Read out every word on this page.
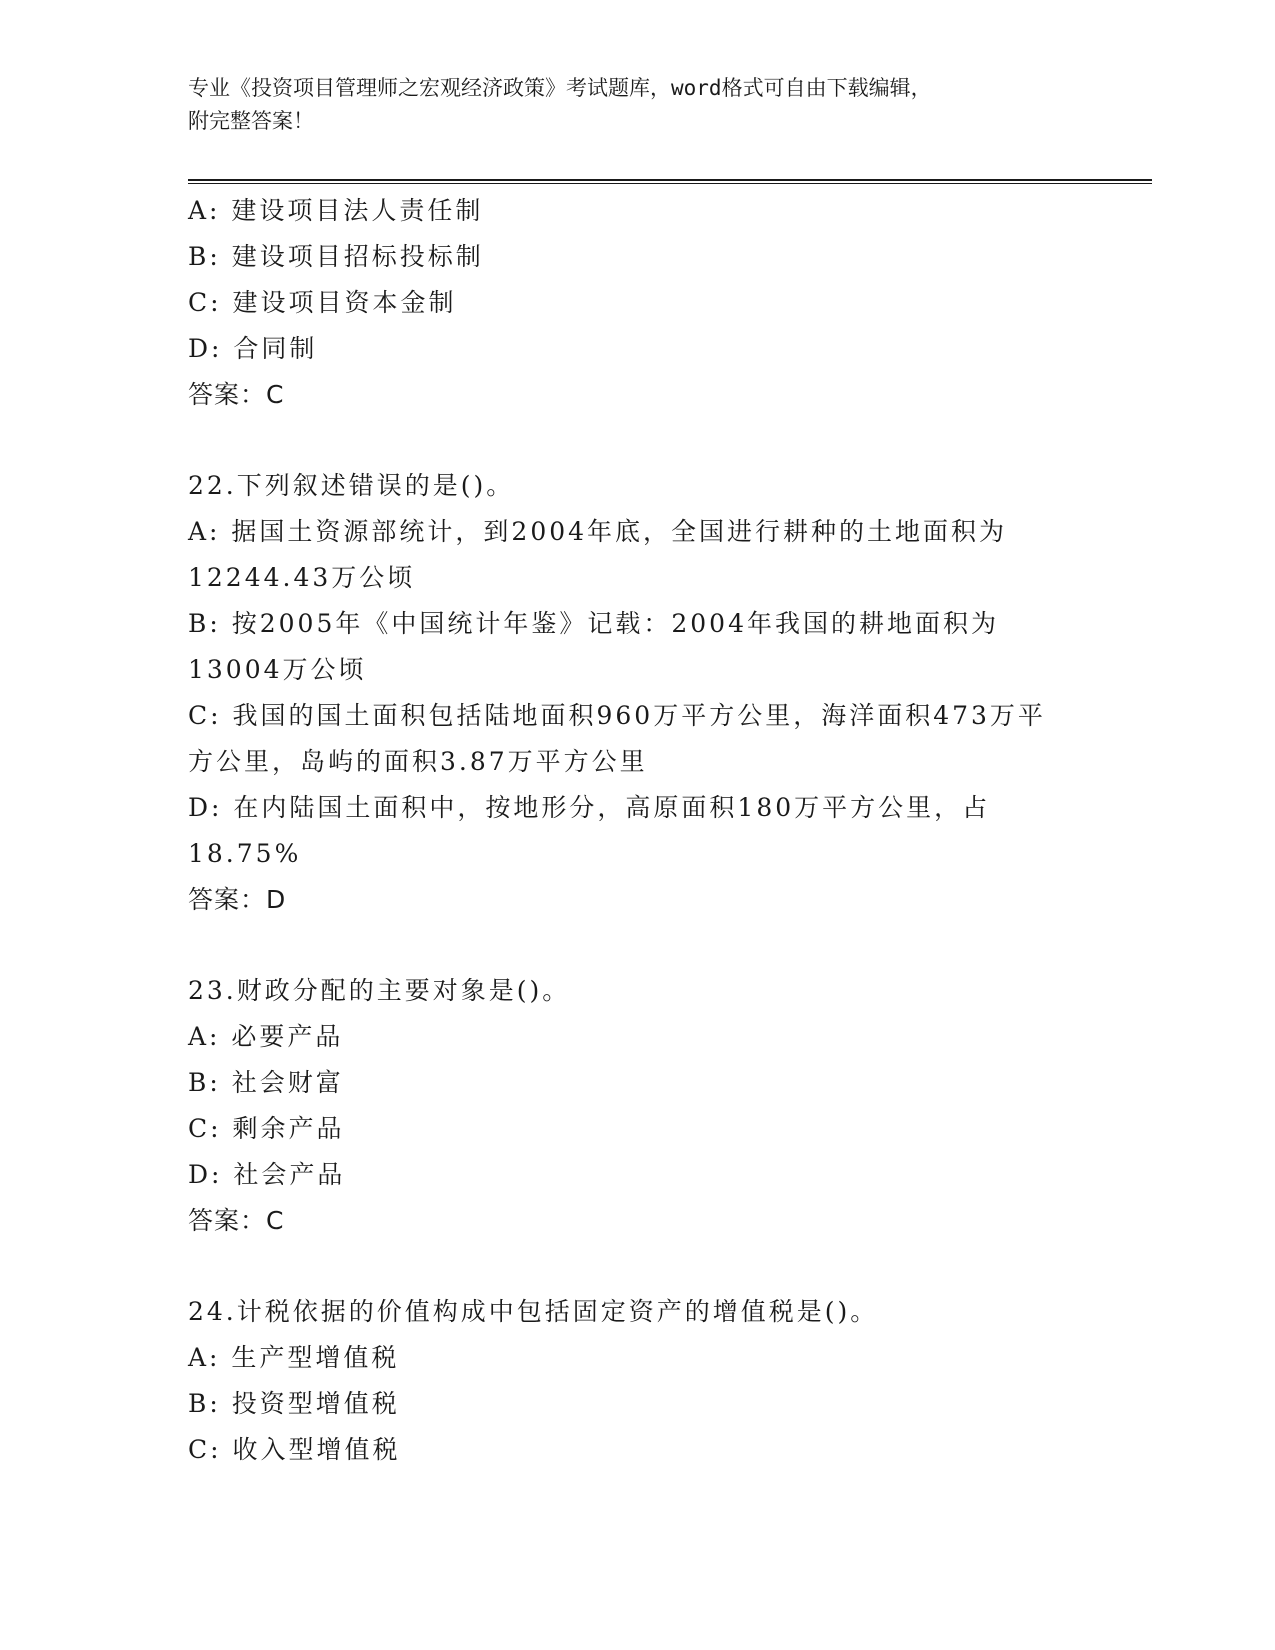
专业《投资项目管理师之宏观经济政策》考试题库，word格式可自由下载编辑，
附完整答案！
A: 建设项目法人责任制
B: 建设项目招标投标制
C: 建设项目资本金制
D: 合同制
答案：C
22.下列叙述错误的是()。
A: 据国土资源部统计，到2004年底，全国进行耕种的土地面积为
12244.43万公顷
B: 按2005年《中国统计年鉴》记载：2004年我国的耕地面积为
13004万公顷
C: 我国的国土面积包括陆地面积960万平方公里，海洋面积473万平
方公里，岛屿的面积3.87万平方公里
D: 在内陆国土面积中，按地形分，高原面积180万平方公里，占
18.75%
答案：D
23.财政分配的主要对象是()。
A: 必要产品
B: 社会财富
C: 剩余产品
D: 社会产品
答案：C
24.计税依据的价值构成中包括固定资产的增值税是()。
A: 生产型增值税
B: 投资型增值税
C: 收入型增值税
